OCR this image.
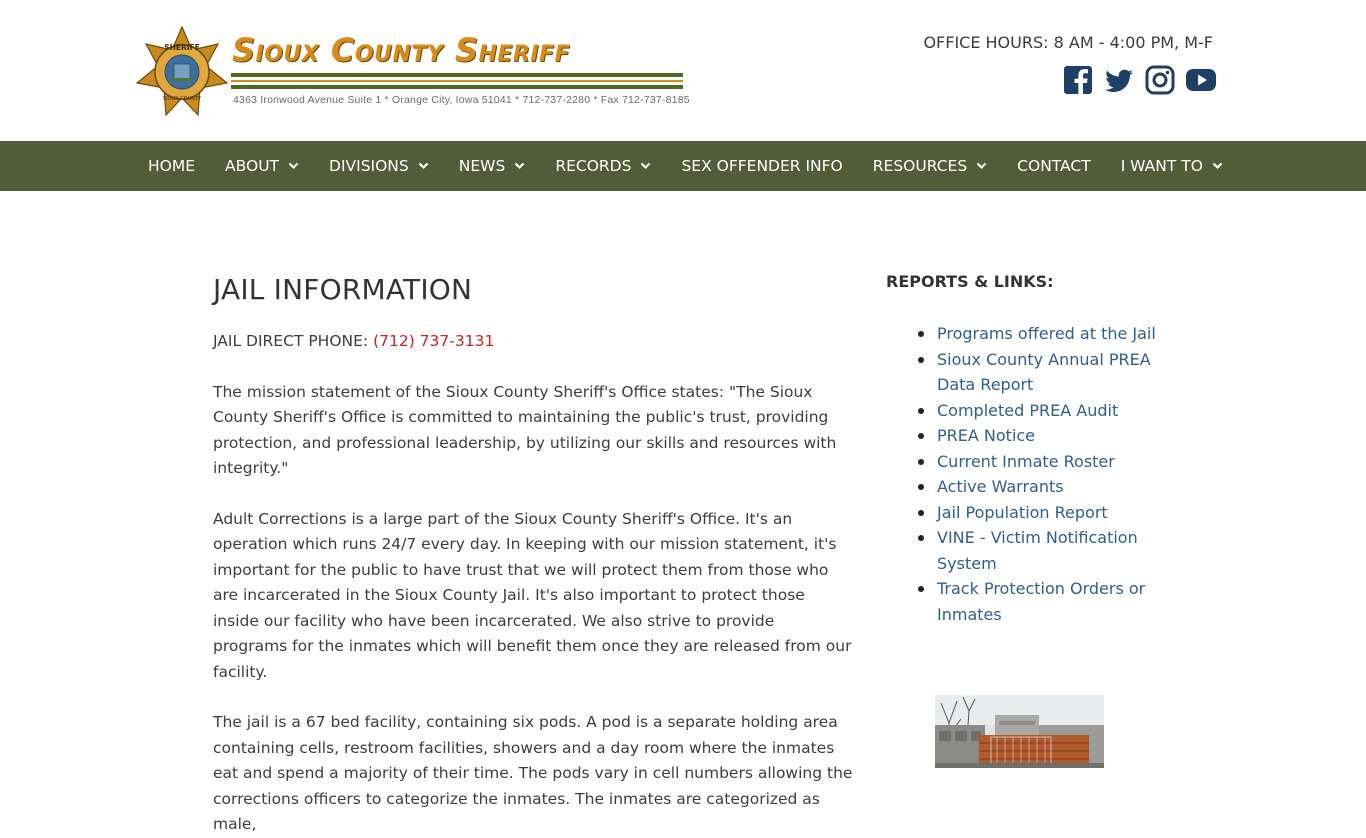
SHERIFF
SIOUX COUNTY
Sioux County Sheriff
4363 Ironwood Avenue Suite 1 * Orange City, Iowa 51041 * 712-737-2280 * Fax 712-737-8185
OFFICE HOURS: 8 AM - 4:00 PM, M-F
HOME ABOUT	DIVISIONS	NEWS	RECORDS	SEX OFFENDER INFO RESOURCES	CONTACT I WANT TO
JAIL INFORMATION

JAIL DIRECT PHONE: (712) 737-3131

The mission statement of the Sioux County Sheriff's Office states: "The Sioux County Sheriff's Office is committed to maintaining the public's trust, providing protection, and professional leadership, by utilizing our skills and resources with integrity."

Adult Corrections is a large part of the Sioux County Sheriff's Office. It's an operation which runs 24/7 every day. In keeping with our mission statement, it's important for the public to have trust that we will protect them from those who are incarcerated in the Sioux County Jail. It's also important to protect those inside our facility who have been incarcerated. We also strive to provide programs for the inmates which will benefit them once they are released from our facility.

The jail is a 67 bed facility, containing six pods. A pod is a separate holding area containing cells, restroom facilities, showers and a day room where the inmates eat and spend a majority of their time. The pods vary in cell numbers allowing the corrections officers to categorize the inmates. The inmates are categorized as male,

REPORTS & LINKS:
Programs offered at the Jail
Sioux County Annual PREA Data Report
Completed PREA Audit
PREA Notice
Current Inmate Roster
Active Warrants
Jail Population Report
VINE - Victim Notification System
Track Protection Orders or Inmates
